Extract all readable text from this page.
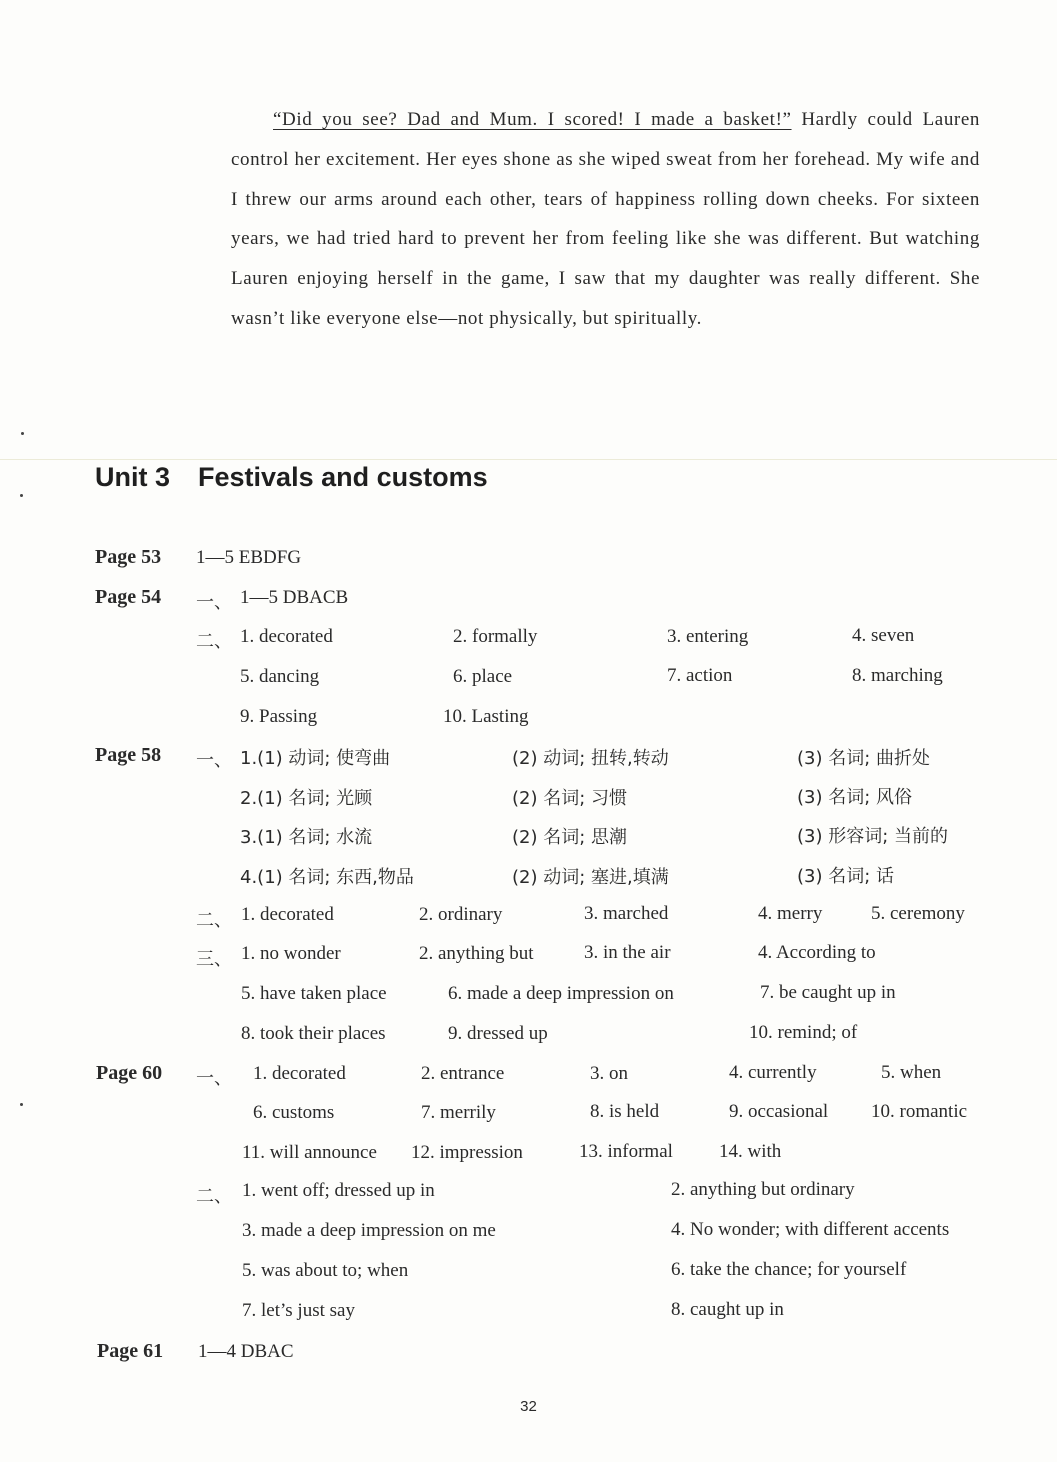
“Did you see? Dad and Mum. I scored! I made a basket!” Hardly could Lauren control her excitement. Her eyes shone as she wiped sweat from her forehead. My wife and I threw our arms around each other, tears of happiness rolling down cheeks. For sixteen years, we had tried hard to prevent her from feeling like she was different. But watching Lauren enjoying herself in the game, I saw that my daughter was really different. She wasn’t like everyone else—not physically, but spiritually.

Unit 3 Festivals and customs
Page 53 1—5 EBDFG
Page 54 一、 1—5 DBACB
二、 1. decorated	2. formally	3. entering	4. seven
5. dancing	6. place	7. action	8. marching
9. Passing	10. Lasting
Page 58 一、 1.(1) 动词; 使弯曲	(2) 动词; 扭转,转动	(3) 名词; 曲折处
2.(1) 名词; 光顾	(2) 名词; 习惯	(3) 名词; 风俗
3.(1) 名词; 水流	(2) 名词; 思潮	(3) 形容词; 当前的
4.(1) 名词; 东西,物品	(2) 动词; 塞进,填满	(3) 名词; 话
二、 1. decorated	2. ordinary	3. marched	4. merry	5. ceremony
三、 1. no wonder	2. anything but	3. in the air	4. According to
5. have taken place	6. made a deep impression on	7. be caught up in
8. took their places	9. dressed up	10. remind; of
Page 60 一、 1. decorated	2. entrance	3. on	4. currently	5. when
6. customs	7. merrily	8. is held	9. occasional 10. romantic
11. will announce 12. impression	13. informal 14. with
二、 1. went off; dressed up in	2. anything but ordinary
3. made a deep impression on me	4. No wonder; with different accents
5. was about to; when	6. take the chance; for yourself
7. let’s just say	8. caught up in
Page 61 1—4 DBAC
32
